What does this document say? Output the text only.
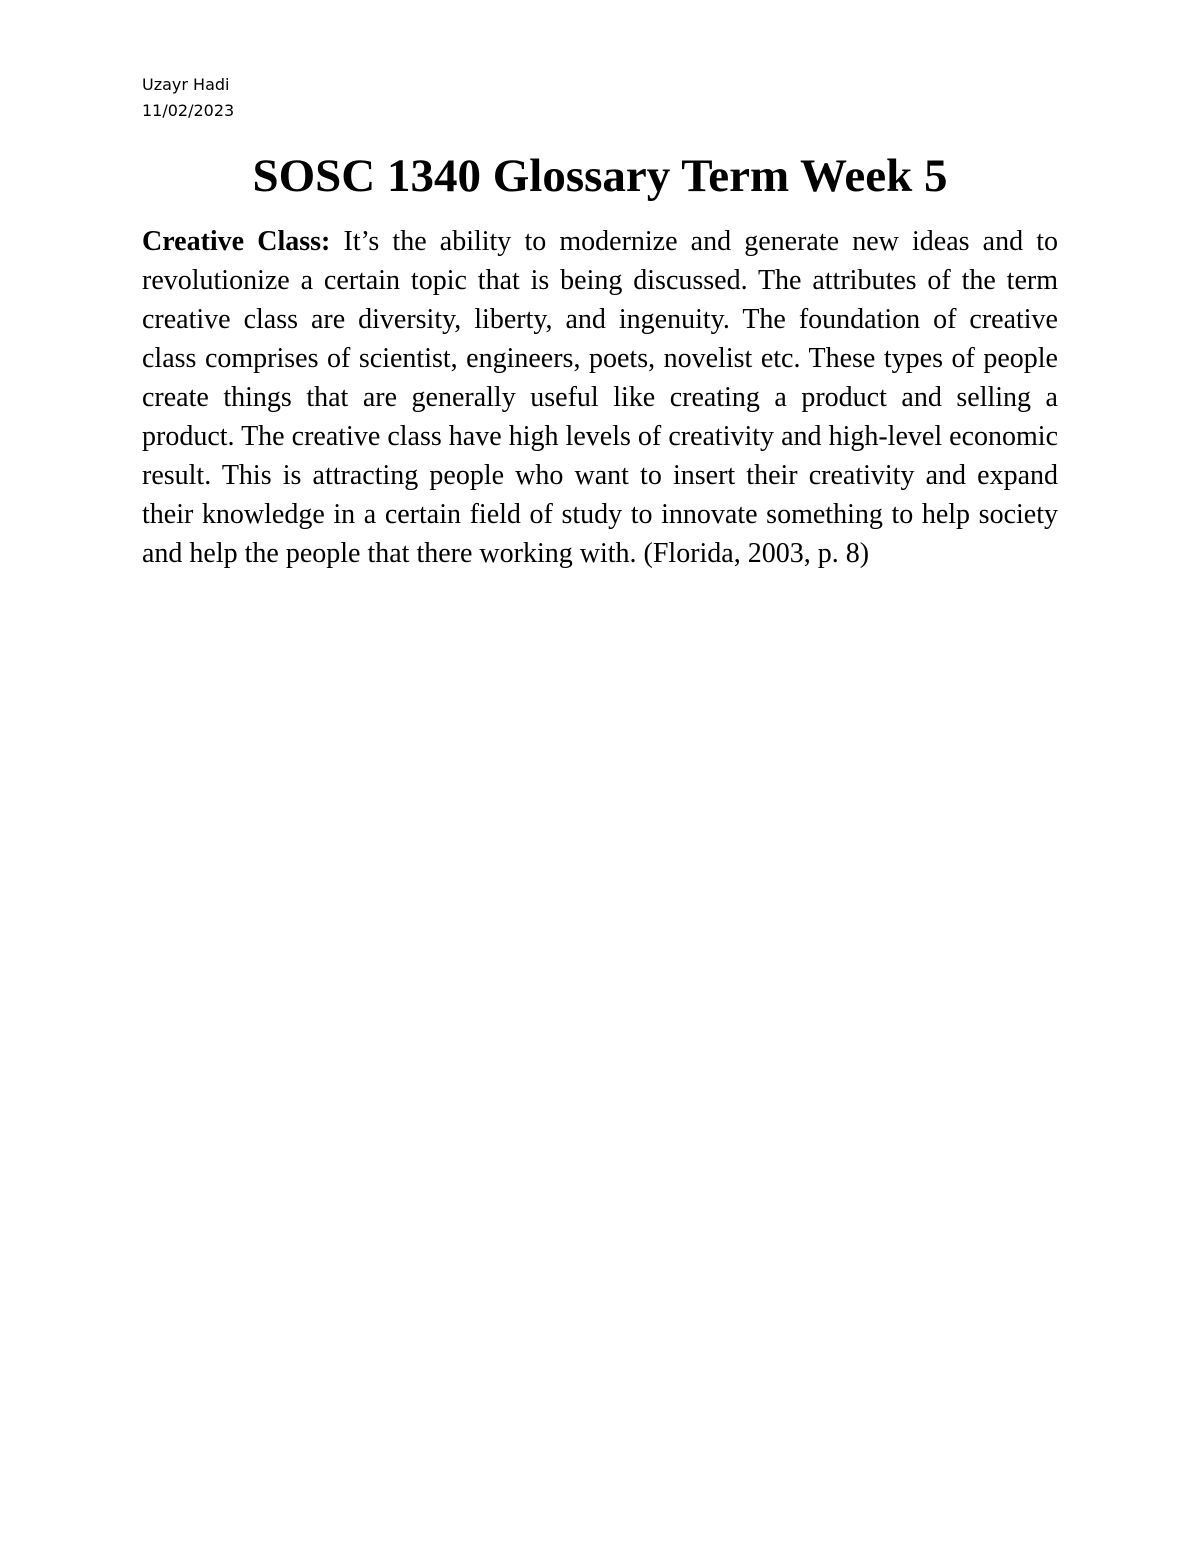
Uzayr Hadi
11/02/2023
SOSC 1340 Glossary Term Week 5

Creative Class: It’s the ability to modernize and generate new ideas and to revolutionize a certain topic that is being discussed. The attributes of the term creative class are diversity, liberty, and ingenuity. The foundation of creative class comprises of scientist, engineers, poets, novelist etc. These types of people create things that are generally useful like creating a product and selling a product. The creative class have high levels of creativity and high-level economic result. This is attracting people who want to insert their creativity and expand their knowledge in a certain field of study to innovate something to help society and help the people that there working with. (Florida, 2003, p. 8)
